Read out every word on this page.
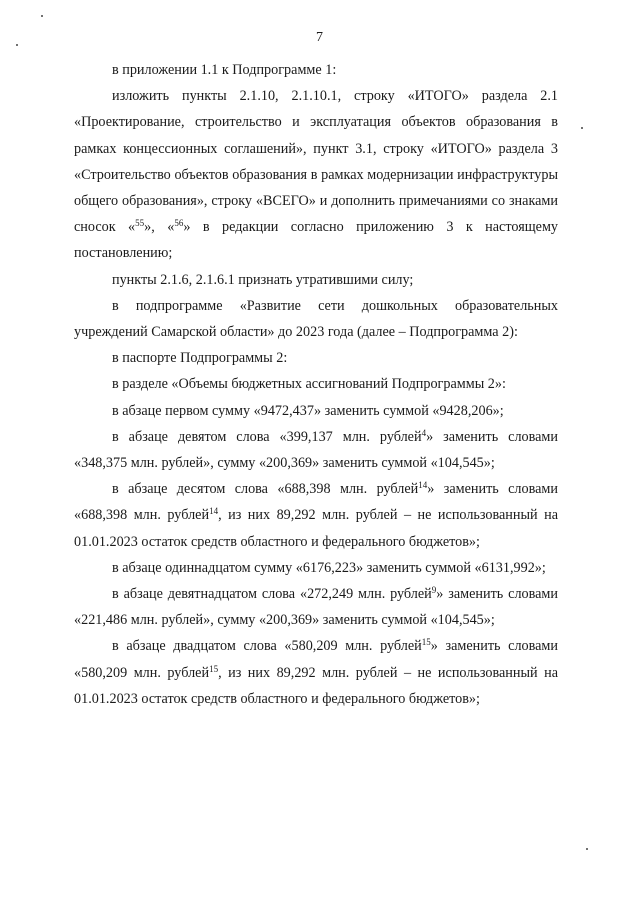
7

в приложении 1.1 к Подпрограмме 1:

изложить пункты 2.1.10, 2.1.10.1, строку «ИТОГО» раздела 2.1 «Проектирование, строительство и эксплуатация объектов образования в рамках концессионных соглашений», пункт 3.1, строку «ИТОГО» раздела 3 «Строительство объектов образования в рамках модернизации инфраструктуры общего образования», строку «ВСЕГО» и дополнить примечаниями со знаками сносок «$^{55}$», «$^{56}$» в редакции согласно приложению 3 к настоящему постановлению;

пункты 2.1.6, 2.1.6.1 признать утратившими силу;

в подпрограмме «Развитие сети дошкольных образовательных учреждений Самарской области» до 2023 года (далее – Подпрограмма 2):

в паспорте Подпрограммы 2:

в разделе «Объемы бюджетных ассигнований Подпрограммы 2»:

в абзаце первом сумму «9472,437» заменить суммой «9428,206»;

в абзаце девятом слова «399,137 млн. рублей$^4$» заменить словами «348,375 млн. рублей», сумму «200,369» заменить суммой «104,545»;

в абзаце десятом слова «688,398 млн. рублей$^{14}$» заменить словами «688,398 млн. рублей$^{14}$, из них 89,292 млн. рублей – не использованный на 01.01.2023 остаток средств областного и федерального бюджетов»;

в абзаце одиннадцатом сумму «6176,223» заменить суммой «6131,992»;

в абзаце девятнадцатом слова «272,249 млн. рублей$^9$» заменить словами «221,486 млн. рублей», сумму «200,369» заменить суммой «104,545»;

в абзаце двадцатом слова «580,209 млн. рублей$^{15}$» заменить словами «580,209 млн. рублей$^{15}$, из них 89,292 млн. рублей – не использованный на 01.01.2023 остаток средств областного и федерального бюджетов»;
